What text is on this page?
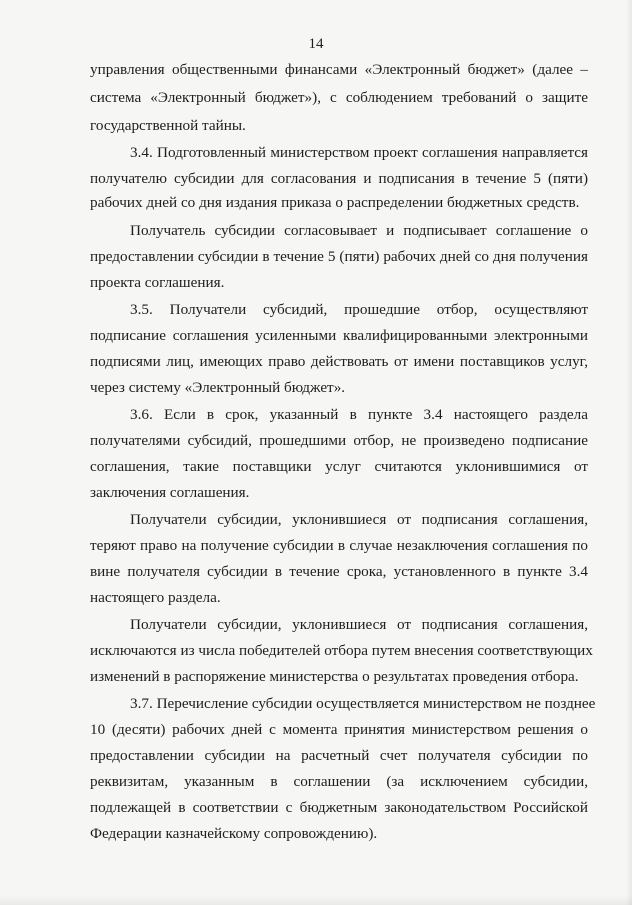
14
управления общественными финансами «Электронный бюджет» (далее –
система «Электронный бюджет»), с соблюдением требований о защите
государственной тайны.
3.4. Подготовленный министерством проект соглашения направляется
получателю субсидии для согласования и подписания в течение 5 (пяти)
рабочих дней со дня издания приказа о распределении бюджетных средств.
Получатель субсидии согласовывает и подписывает соглашение о
предоставлении субсидии в течение 5 (пяти) рабочих дней со дня получения
проекта соглашения.
3.5. Получатели субсидий, прошедшие отбор, осуществляют
подписание соглашения усиленными квалифицированными электронными
подписями лиц, имеющих право действовать от имени поставщиков услуг,
через систему «Электронный бюджет».
3.6. Если в срок, указанный в пункте 3.4 настоящего раздела
получателями субсидий, прошедшими отбор, не произведено подписание
соглашения, такие поставщики услуг считаются уклонившимися от
заключения соглашения.
Получатели субсидии, уклонившиеся от подписания соглашения,
теряют право на получение субсидии в случае незаключения соглашения по
вине получателя субсидии в течение срока, установленного в пункте 3.4
настоящего раздела.
Получатели субсидии, уклонившиеся от подписания соглашения,
исключаются из числа победителей отбора путем внесения соответствующих
изменений в распоряжение министерства о результатах проведения отбора.
3.7. Перечисление субсидии осуществляется министерством не позднее
10 (десяти) рабочих дней с момента принятия министерством решения о
предоставлении субсидии на расчетный счет получателя субсидии по
реквизитам, указанным в соглашении (за исключением субсидии,
подлежащей в соответствии с бюджетным законодательством Российской
Федерации казначейскому сопровождению).
